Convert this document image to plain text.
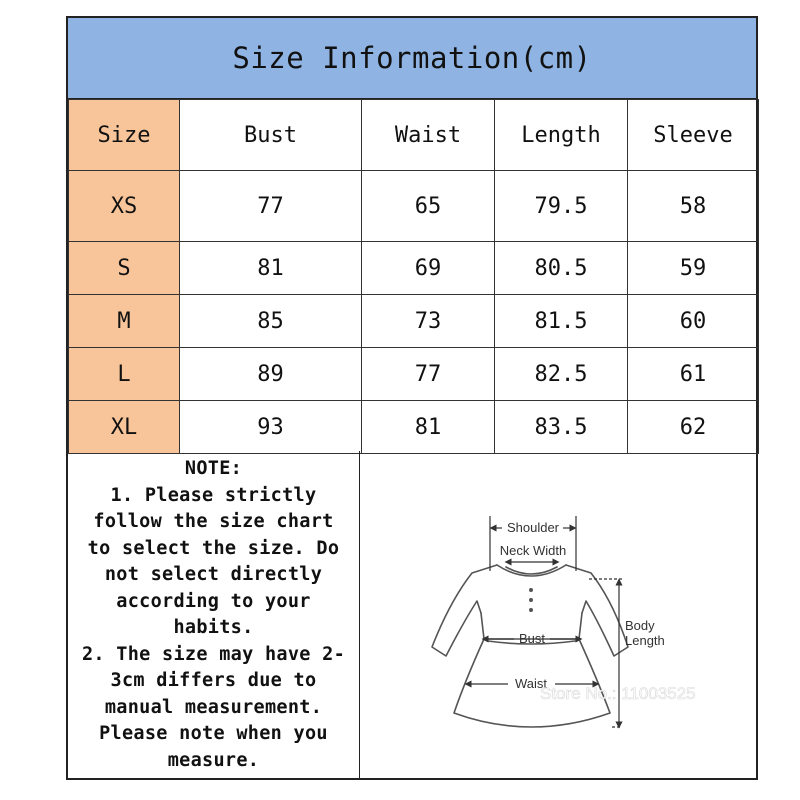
Size Information(cm)
Size	Bust	Waist	Length	Sleeve
XS	77	65	79.5	58
S	81	69	80.5	59
M	85	73	81.5	60
L	89	77	82.5	61
XL	93	81	83.5	62
NOTE:
1. Please strictly
follow the size chart
to select the size. Do
not select directly
according to your
habits.
2. The size may have 2-
3cm differs due to
manual measurement.
Please note when you
measure.
Shoulder
Neck Width
Bust
Waist
Body
Length
Store No.: 11003525
